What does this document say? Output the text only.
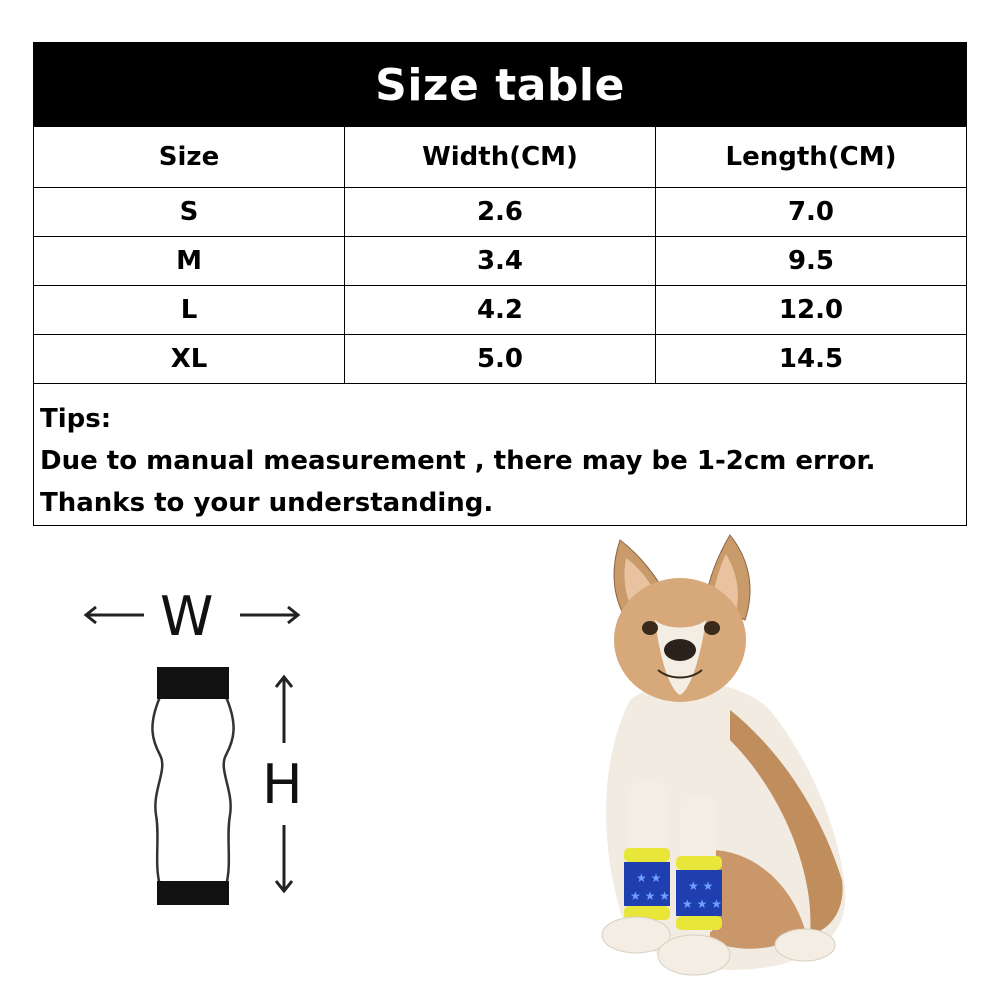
Size table
Size	Width(CM)	Length(CM)
S	2.6	7.0
M	3.4	9.5
L	4.2	12.0
XL	5.0	14.5
Tips:
Due to manual measurement , there may be 1-2cm error.
Thanks to your understanding.
W
H
★ ★
★ ★ ★
★ ★
★ ★ ★
